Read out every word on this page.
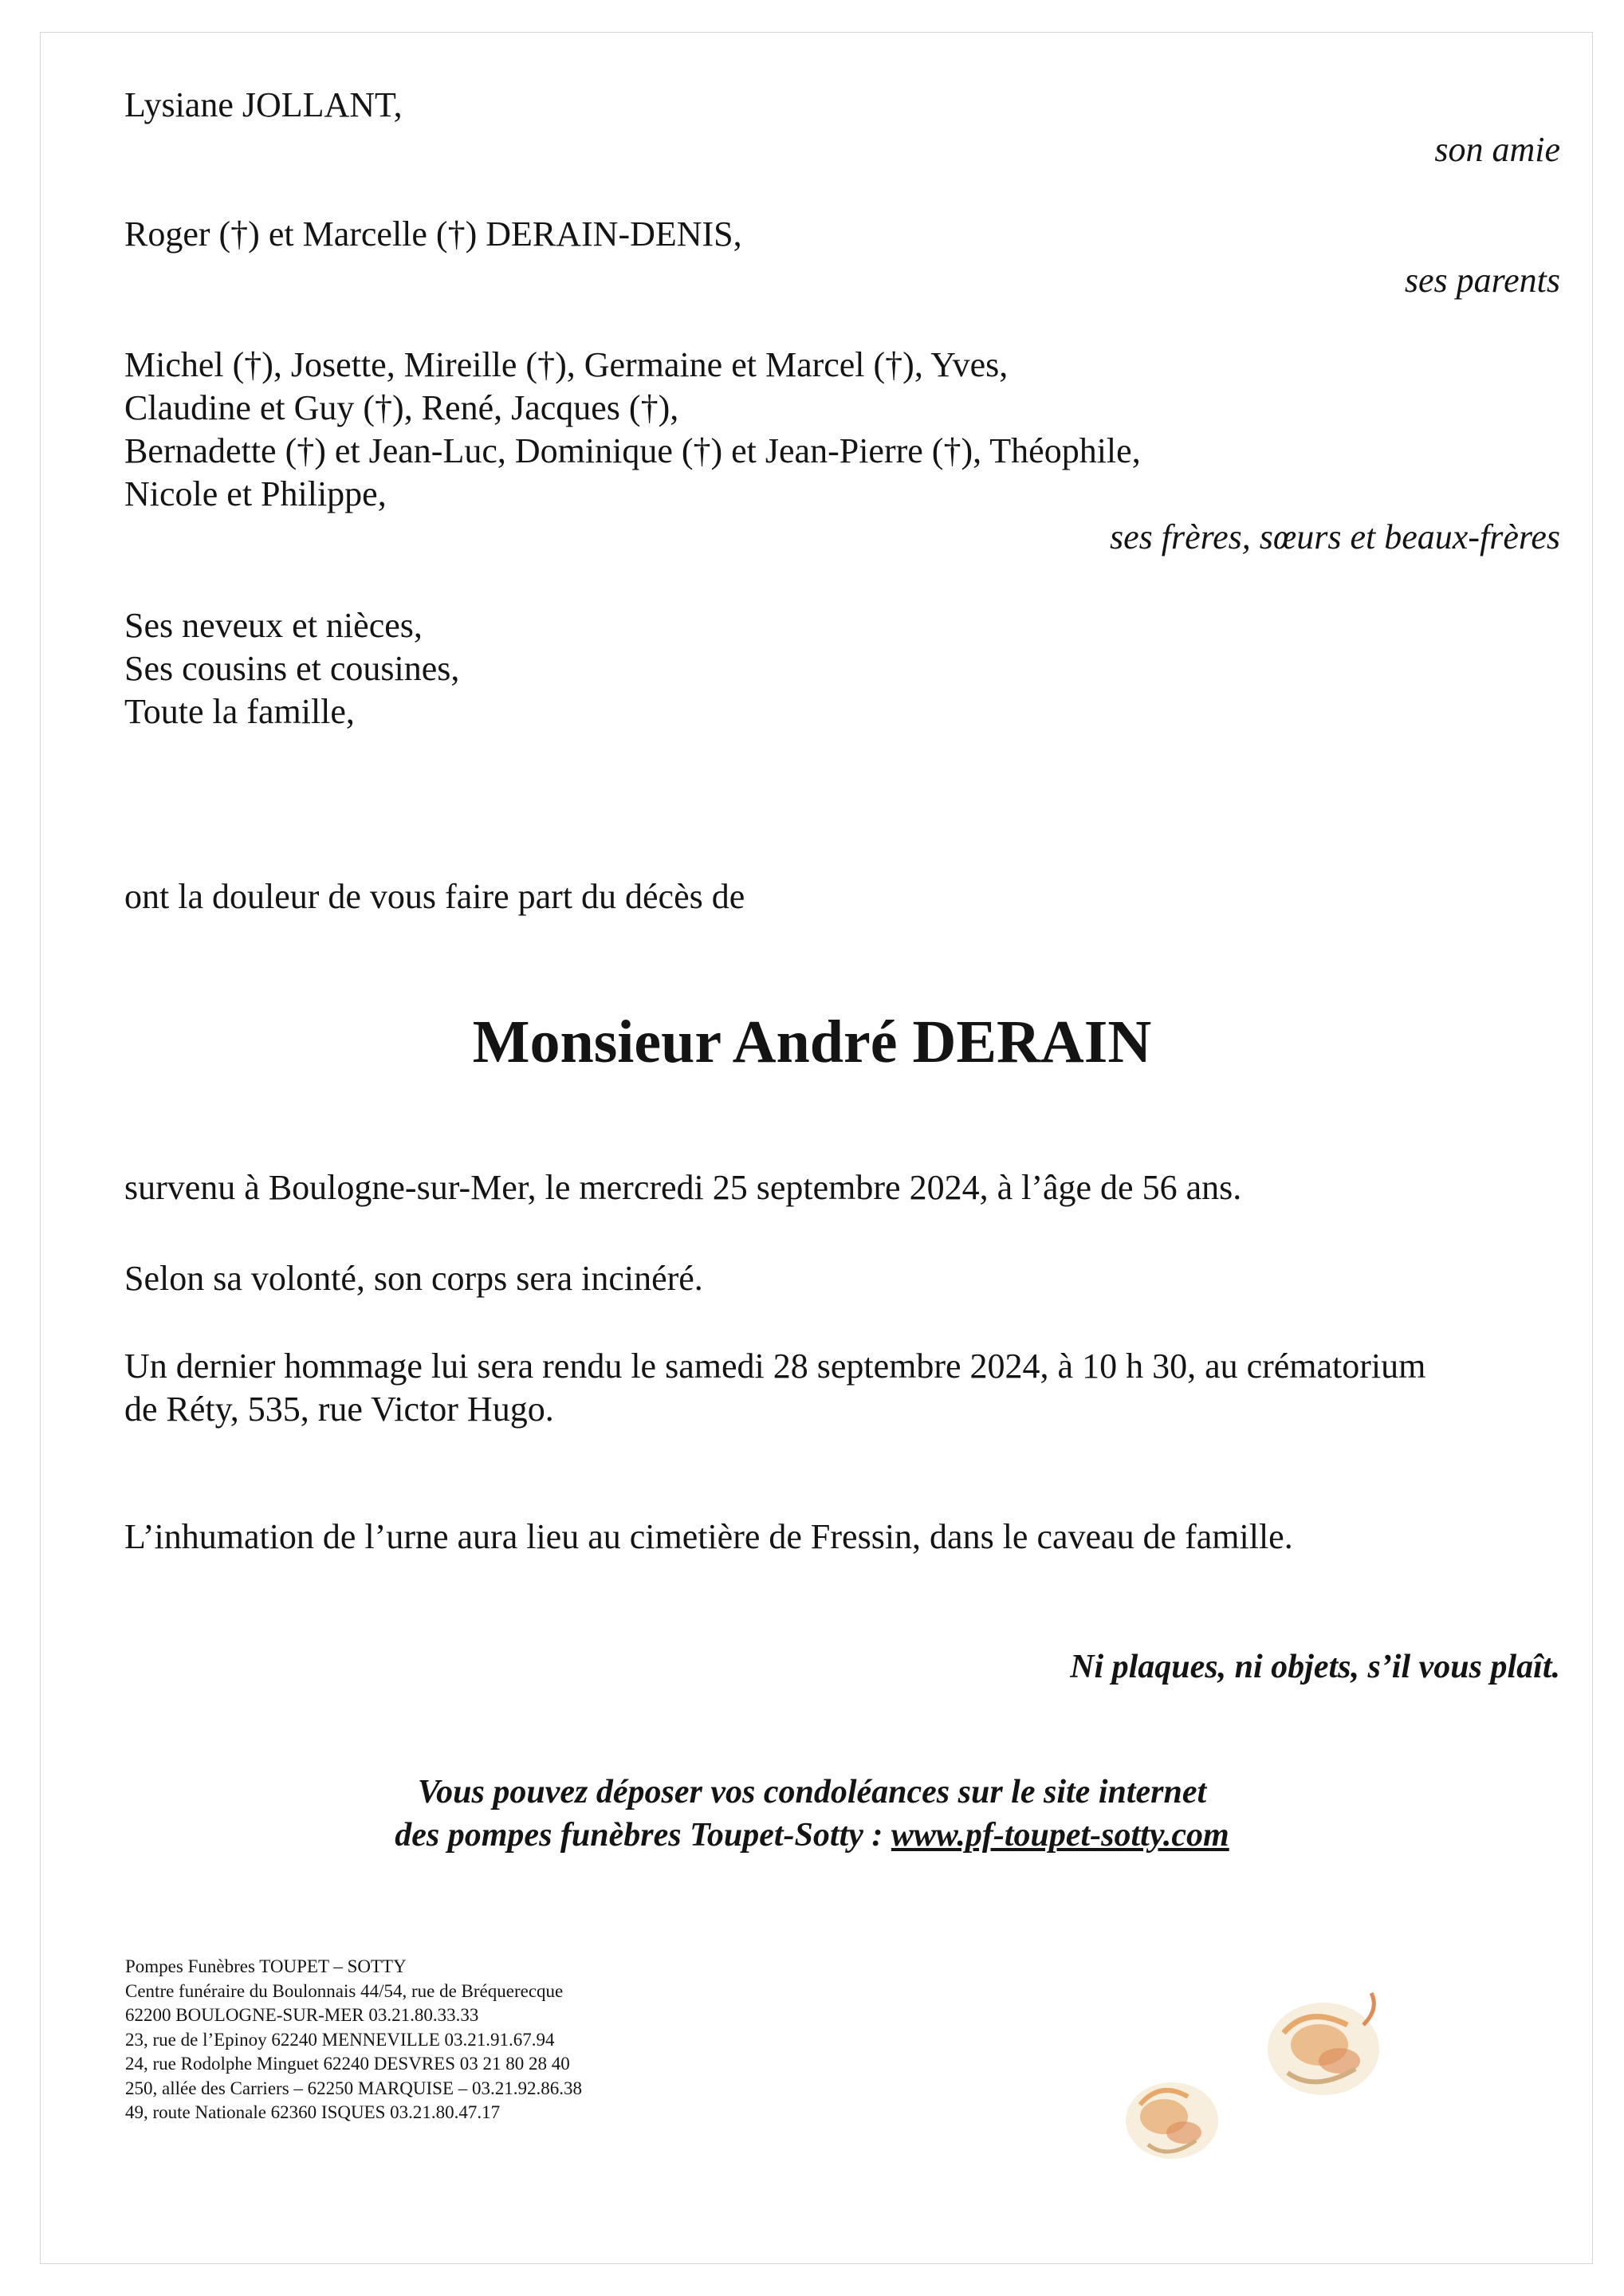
Lysiane JOLLANT,
son amie
Roger (†) et Marcelle (†) DERAIN-DENIS,
ses parents
Michel (†), Josette, Mireille (†), Germaine et Marcel (†), Yves,
Claudine et Guy (†), René, Jacques (†),
Bernadette (†) et Jean-Luc, Dominique (†) et Jean-Pierre (†), Théophile,
Nicole et Philippe,
ses frères, sœurs et beaux-frères
Ses neveux et nièces,
Ses cousins et cousines,
Toute la famille,
ont la douleur de vous faire part du décès de
Monsieur André DERAIN
survenu à Boulogne-sur-Mer, le mercredi 25 septembre 2024, à l’âge de 56 ans.
Selon sa volonté, son corps sera incinéré.
Un dernier hommage lui sera rendu le samedi 28 septembre 2024, à 10 h 30, au crématorium
de Réty, 535, rue Victor Hugo.
L’inhumation de l’urne aura lieu au cimetière de Fressin, dans le caveau de famille.
Ni plaques, ni objets, s’il vous plaît.
Vous pouvez déposer vos condoléances sur le site internet
des pompes funèbres Toupet-Sotty : www.pf-toupet-sotty.com
Pompes Funèbres TOUPET – SOTTY
Centre funéraire du Boulonnais 44/54, rue de Bréquerecque
62200 BOULOGNE-SUR-MER 03.21.80.33.33
23, rue de l’Epinoy 62240 MENNEVILLE 03.21.91.67.94
24, rue Rodolphe Minguet 62240 DESVRES 03 21 80 28 40
250, allée des Carriers – 62250 MARQUISE – 03.21.92.86.38
49, route Nationale 62360 ISQUES 03.21.80.47.17
